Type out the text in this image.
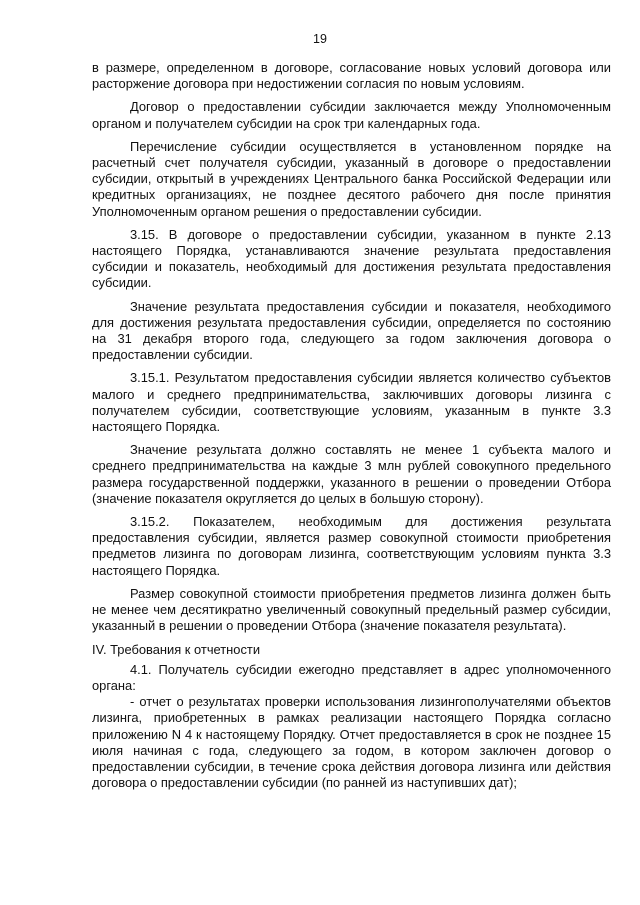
19

в размере, определенном в договоре, согласование новых условий договора или расторжение договора при недостижении согласия по новым условиям.

Договор о предоставлении субсидии заключается между Уполномоченным органом и получателем субсидии на срок три календарных года.

Перечисление субсидии осуществляется в установленном порядке на расчетный счет получателя субсидии, указанный в договоре о предоставлении субсидии, открытый в учреждениях Центрального банка Российской Федерации или кредитных организациях, не позднее десятого рабочего дня после принятия Уполномоченным органом решения о предоставлении субсидии.

3.15. В договоре о предоставлении субсидии, указанном в пункте 2.13 настоящего Порядка, устанавливаются значение результата предоставления субсидии и показатель, необходимый для достижения результата предоставления субсидии.

Значение результата предоставления субсидии и показателя, необходимого для достижения результата предоставления субсидии, определяется по состоянию на 31 декабря второго года, следующего за годом заключения договора о предоставлении субсидии.

3.15.1. Результатом предоставления субсидии является количество субъектов малого и среднего предпринимательства, заключивших договоры лизинга с получателем субсидии, соответствующие условиям, указанным в пункте 3.3 настоящего Порядка.

Значение результата должно составлять не менее 1 субъекта малого и среднего предпринимательства на каждые 3 млн рублей совокупного предельного размера государственной поддержки, указанного в решении о проведении Отбора (значение показателя округляется до целых в большую сторону).

3.15.2. Показателем, необходимым для достижения результата предоставления субсидии, является размер совокупной стоимости приобретения предметов лизинга по договорам лизинга, соответствующим условиям пункта 3.3 настоящего Порядка.

Размер совокупной стоимости приобретения предметов лизинга должен быть не менее чем десятикратно увеличенный совокупный предельный размер субсидии, указанный в решении о проведении Отбора (значение показателя результата).

IV. Требования к отчетности

4.1. Получатель субсидии ежегодно представляет в адрес уполномоченного органа:

- отчет о результатах проверки использования лизингополучателями объектов лизинга, приобретенных в рамках реализации настоящего Порядка согласно приложению N 4 к настоящему Порядку. Отчет предоставляется в срок не позднее 15 июля начиная с года, следующего за годом, в котором заключен договор о предоставлении субсидии, в течение срока действия договора лизинга или действия договора о предоставлении субсидии (по ранней из наступивших дат);
